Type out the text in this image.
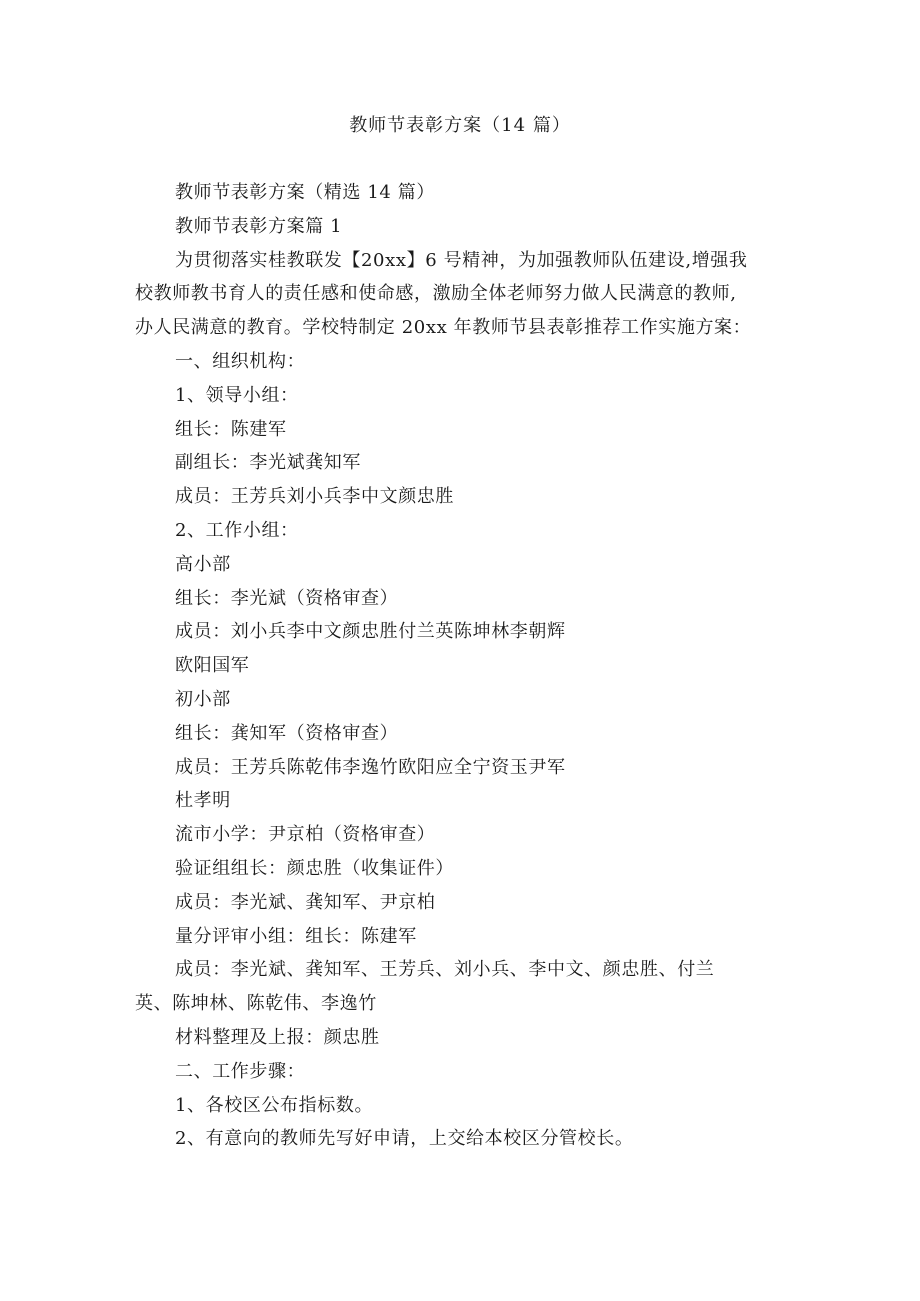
教师节表彰方案（14 篇）
教师节表彰方案（精选 14 篇）
教师节表彰方案篇 1
为贯彻落实桂教联发【20xx】6 号精神，为加强教师队伍建设,增强我
校教师教书育人的责任感和使命感，激励全体老师努力做人民满意的教师,
办人民满意的教育。学校特制定 20xx 年教师节县表彰推荐工作实施方案：
一、组织机构：
1、领导小组：
组长：陈建军
副组长：李光斌龚知军
成员：王芳兵刘小兵李中文颜忠胜
2、工作小组：
高小部
组长：李光斌（资格审查）
成员：刘小兵李中文颜忠胜付兰英陈坤林李朝辉
欧阳国军
初小部
组长：龚知军（资格审查）
成员：王芳兵陈乾伟李逸竹欧阳应全宁资玉尹军
杜孝明
流市小学：尹京柏（资格审查）
验证组组长：颜忠胜（收集证件）
成员：李光斌、龚知军、尹京柏
量分评审小组：组长：陈建军
成员：李光斌、龚知军、王芳兵、刘小兵、李中文、颜忠胜、付兰
英、陈坤林、陈乾伟、李逸竹
材料整理及上报：颜忠胜
二、工作步骤：
1、各校区公布指标数。
2、有意向的教师先写好申请，上交给本校区分管校长。
